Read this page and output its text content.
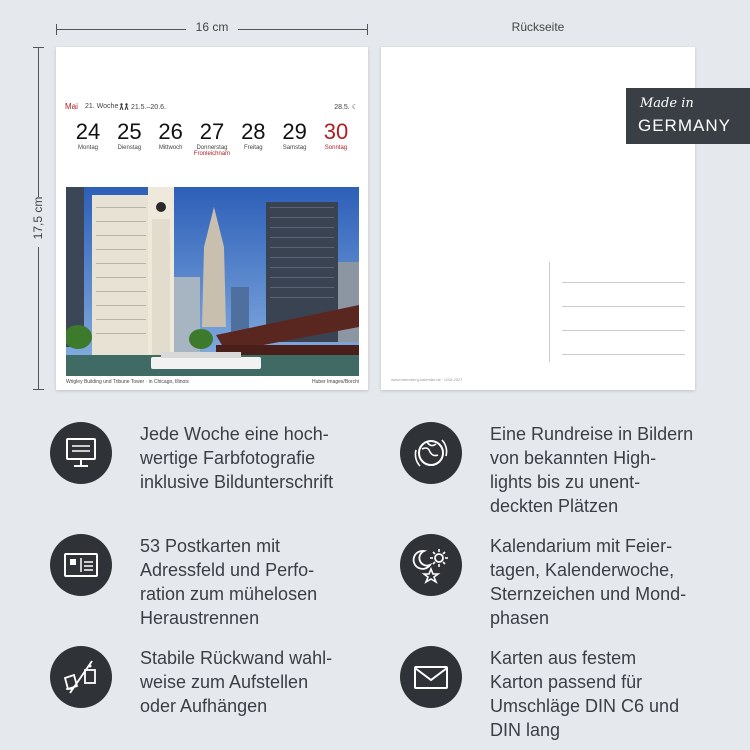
16 cm
17,5 cm
Rückseite
Mai 21. Woche	21.5.–20.6.	28.5. ☾
24
Montag
25
Dienstag
26
Mittwoch
27
Donnerstag
Fronleichnam
28
Freitag
29
Samstag
30
Sonntag
Wrigley Building und Tribune Tower · in Chicago, Illinois	Huber Images/Borchi	www.harenberg-kalender.de · USA 2027
Made in
GERMANY
Jede Woche eine hoch-
wertige Farbfotografie
inklusive Bildunterschrift
Eine Rundreise in Bildern
von bekannten High-
lights bis zu unent-
deckten Plätzen
53 Postkarten mit
Adressfeld und Perfo-
ration zum mühelosen
Heraustrennen
Kalendarium mit Feier-
tagen, Kalenderwoche,
Sternzeichen und Mond-
phasen
Stabile Rückwand wahl-
weise zum Aufstellen
oder Aufhängen
Karten aus festem
Karton passend für
Umschläge DIN C6 und
DIN lang
